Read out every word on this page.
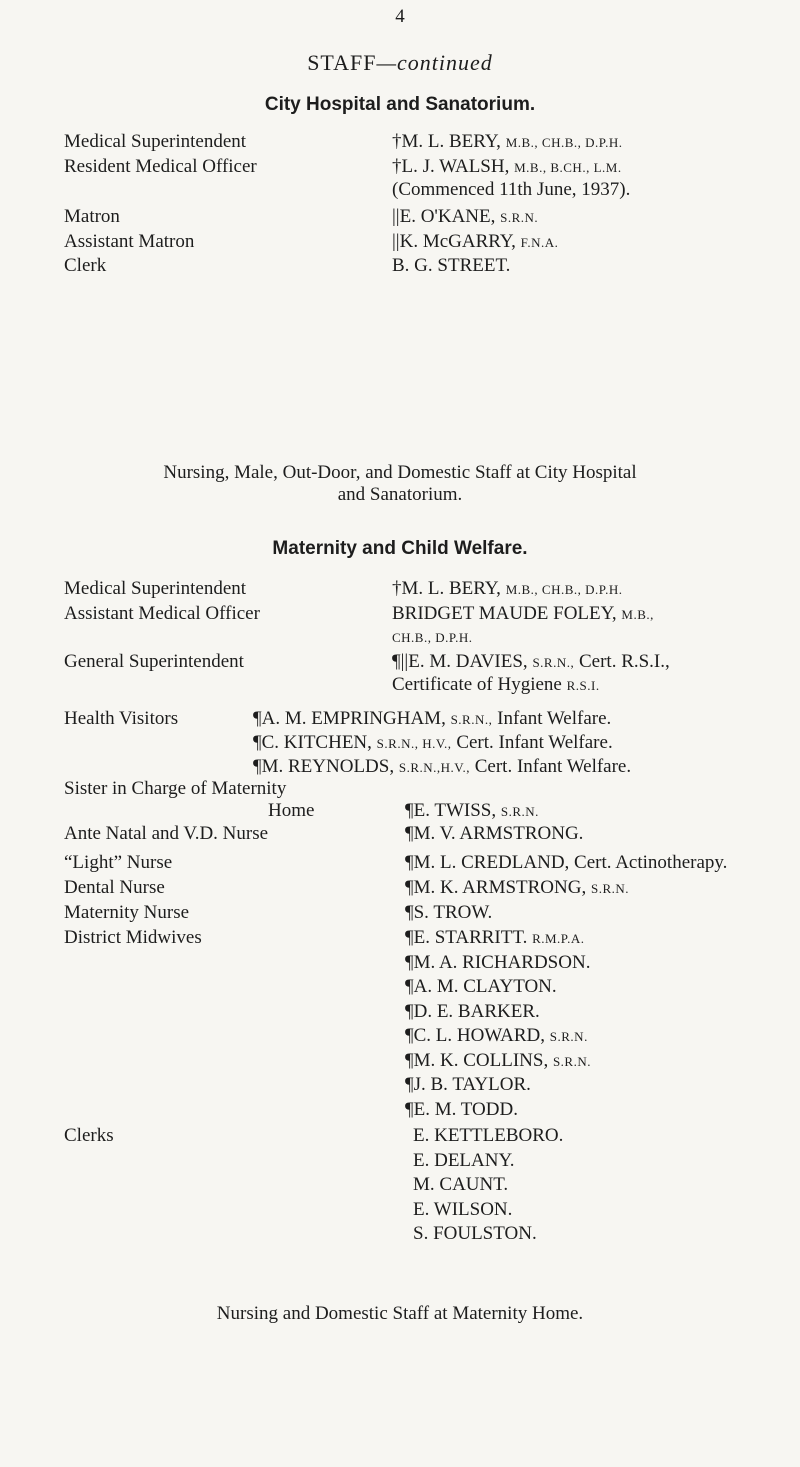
4
STAFF—continued
City Hospital and Sanatorium.
Medical Superintendent	†M. L. BERY, M.B., CH.B., D.P.H.
Resident Medical Officer	†L. J. WALSH, M.B., B.CH., L.M.
(Commenced 11th June, 1937).
Matron	||E. O'KANE, S.R.N.
Assistant Matron	||K. McGARRY, F.N.A.
Clerk	B. G. STREET.
Nursing, Male, Out-Door, and Domestic Staff at City Hospital
and Sanatorium.
Maternity and Child Welfare.
Medical Superintendent	†M. L. BERY, M.B., CH.B., D.P.H.
Assistant Medical Officer	BRIDGET MAUDE FOLEY, M.B.,
CH.B., D.P.H.
General Superintendent	¶||E. M. DAVIES, S.R.N., Cert. R.S.I.,
Certificate of Hygiene R.S.I.
Health Visitors	¶A. M. EMPRINGHAM, S.R.N., Infant Welfare.
¶C. KITCHEN, S.R.N., H.V., Cert. Infant Welfare.
¶M. REYNOLDS, S.R.N.,H.V., Cert. Infant Welfare.
Sister in Charge of Maternity
Home	¶E. TWISS, S.R.N.
Ante Natal and V.D. Nurse	¶M. V. ARMSTRONG.
“Light” Nurse	¶M. L. CREDLAND, Cert. Actinotherapy.
Dental Nurse	¶M. K. ARMSTRONG, S.R.N.
Maternity Nurse	¶S. TROW.
District Midwives	¶E. STARRITT. R.M.P.A.
¶M. A. RICHARDSON.
¶A. M. CLAYTON.
¶D. E. BARKER.
¶C. L. HOWARD, S.R.N.
¶M. K. COLLINS, S.R.N.
¶J. B. TAYLOR.
¶E. M. TODD.
Clerks	E. KETTLEBORO.
E. DELANY.
M. CAUNT.
E. WILSON.
S. FOULSTON.
Nursing and Domestic Staff at Maternity Home.
